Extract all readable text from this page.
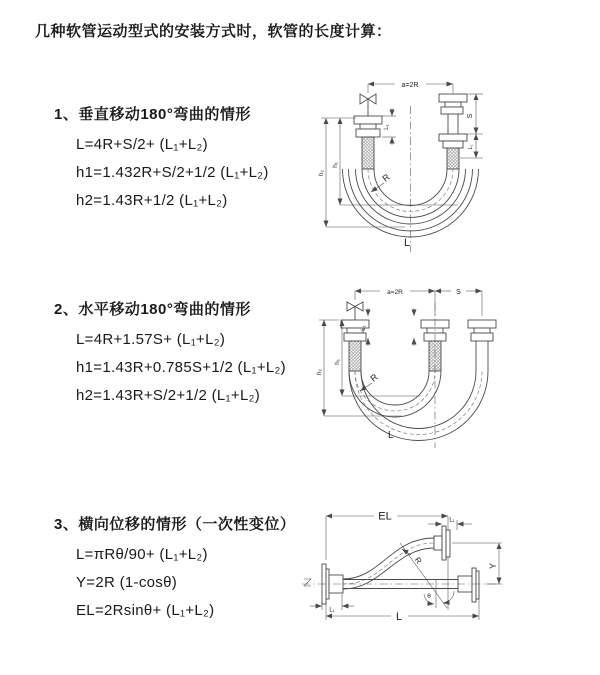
几种软管运动型式的安装方式时，软管的长度计算：
1、垂直移动180°弯曲的情形
L=4R+S/2+ (L₁+L₂)
h1=1.432R+S/2+1/2 (L₁+L₂)
h2=1.43R+1/2 (L₁+L₂)
2、水平移动180°弯曲的情形
L=4R+1.57S+ (L₁+L₂)
h1=1.43R+0.785S+1/2 (L₁+L₂)
h2=1.43R+S/2+1/2 (L₁+L₂)
3、横向位移的情形（一次性变位）
L=πRθ/90+ (L₁+L₂)
Y=2R (1-cosθ)
EL=2Rsinθ+ (L₁+L₂)
a=2R
R
L
h₁
h₂
L₁
S
L₁
a=2R	S
h₁
h₂
L₁
R
L
EL	L₁
Y
θ
R
L
L₁
